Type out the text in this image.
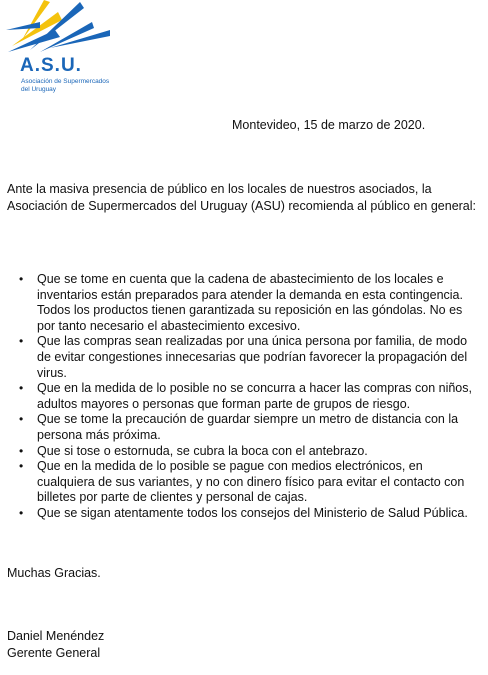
A.S.U.
Asociación de Supermercados
del Uruguay
Montevideo, 15 de marzo de 2020.

Ante la masiva presencia de público en los locales de nuestros asociados, la Asociación de Supermercados del Uruguay (ASU) recomienda al público en general:

• Que se tome en cuenta que la cadena de abastecimiento de los locales e inventarios están preparados para atender la demanda en esta contingencia. Todos los productos tienen garantizada su reposición en las góndolas. No es por tanto necesario el abastecimiento excesivo.
• Que las compras sean realizadas por una única persona por familia, de modo de evitar congestiones innecesarias que podrían favorecer la propagación del virus.
• Que en la medida de lo posible no se concurra a hacer las compras con niños, adultos mayores o personas que forman parte de grupos de riesgo.
• Que se tome la precaución de guardar siempre un metro de distancia con la persona más próxima.
• Que si tose o estornuda, se cubra la boca con el antebrazo.
• Que en la medida de lo posible se pague con medios electrónicos, en cualquiera de sus variantes, y no con dinero físico para evitar el contacto con billetes por parte de clientes y personal de cajas.
• Que se sigan atentamente todos los consejos del Ministerio de Salud Pública.
Muchas Gracias.
Daniel Menéndez
Gerente General
